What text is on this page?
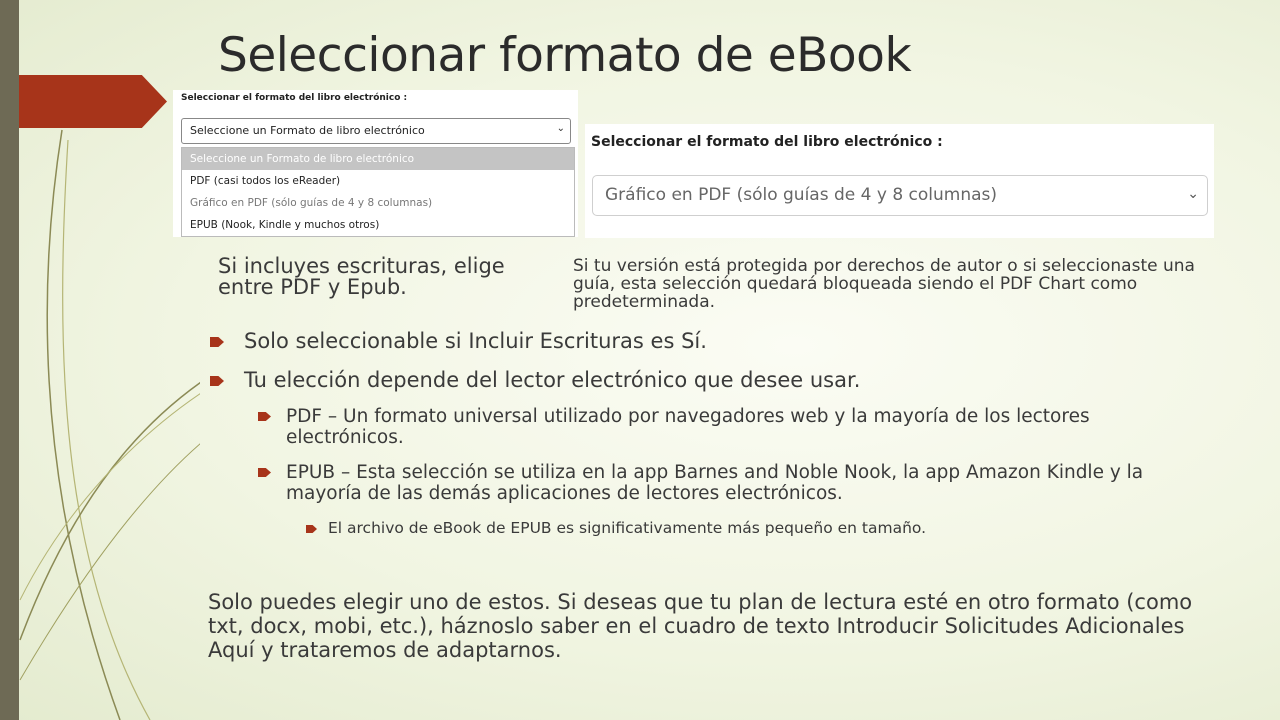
Seleccionar formato de eBook
Seleccionar el formato del libro electrónico :
Seleccione un Formato de libro electrónico	⌄
Seleccione un Formato de libro electrónico
PDF (casi todos los eReader)
Gráfico en PDF (sólo guías de 4 y 8 columnas)
EPUB (Nook, Kindle y muchos otros)
Seleccionar el formato del libro electrónico :
Gráfico en PDF (sólo guías de 4 y 8 columnas)	⌄
Si incluyes escrituras, elige entre PDF y Epub.
Si tu versión está protegida por derechos de autor o si seleccionaste una guía, esta selección quedará bloqueada siendo el PDF Chart como predeterminada.
Solo seleccionable si Incluir Escrituras es Sí.
Tu elección depende del lector electrónico que desee usar.
PDF – Un formato universal utilizado por navegadores web y la mayoría de los lectores electrónicos.
EPUB – Esta selección se utiliza en la app Barnes and Noble Nook, la app Amazon Kindle y la mayoría de las demás aplicaciones de lectores electrónicos.
El archivo de eBook de EPUB es significativamente más pequeño en tamaño.
Solo puedes elegir uno de estos. Si deseas que tu plan de lectura esté en otro formato (como txt, docx, mobi, etc.), háznoslo saber en el cuadro de texto Introducir Solicitudes Adicionales Aquí y trataremos de adaptarnos.
